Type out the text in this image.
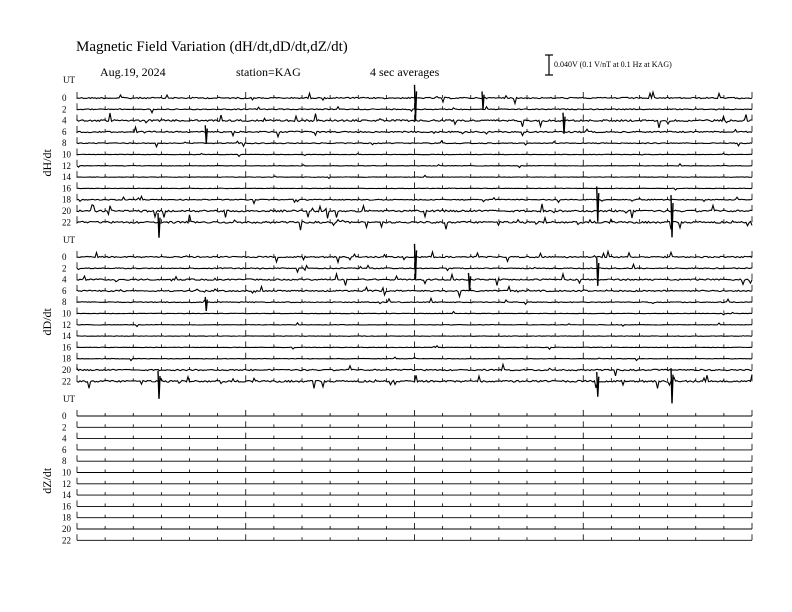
Magnetic Field Variation (dH/dt,dD/dt,dZ/dt)
Aug.19, 2024	station=KAG	4 sec averages
0.040V (0.1 V/nT at 0.1 Hz at KAG)
UT
dH/dt
0
2
4
6
8
10
12
14
16
18
20
22
UT
dD/dt
0
2
4
6
8
10
12
14
16
18
20
22
UT
dZ/dt
0
2
4
6
8
10
12
14
16
18
20
22
